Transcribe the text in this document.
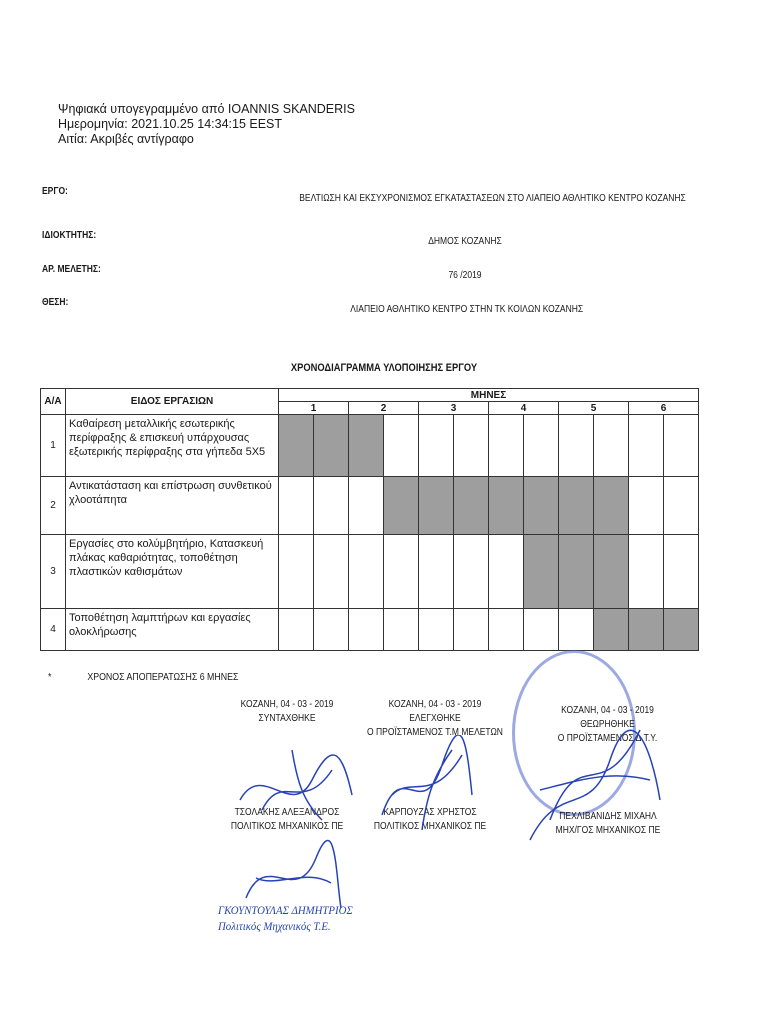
Ψηφιακά υπογεγραμμένο από IOANNIS SKANDERIS
Ημερομηνία: 2021.10.25 14:34:15 EEST
Αιτία: Ακριβές αντίγραφο
ΕΡΓΟ:
ΒΕΛΤΙΩΣΗ ΚΑΙ ΕΚΣΥΧΡΟΝΙΣΜΟΣ ΕΓΚΑΤΑΣΤΑΣΕΩΝ ΣΤΟ ΛΙΑΠΕΙΟ ΑΘΛΗΤΙΚΟ ΚΕΝΤΡΟ ΚΟΖΑΝΗΣ
ΙΔΙΟΚΤΗΤΗΣ:
ΔΗΜΟΣ ΚΟΖΑΝΗΣ
ΑΡ. ΜΕΛΕΤΗΣ:
76 /2019
ΘΕΣΗ:
ΛΙΑΠΕΙΟ ΑΘΛΗΤΙΚΟ ΚΕΝΤΡΟ ΣΤΗΝ ΤΚ ΚΟΙΛΩΝ ΚΟΖΑΝΗΣ
ΧΡΟΝΟΔΙΑΓΡΑΜΜΑ ΥΛΟΠΟΙΗΣΗΣ ΕΡΓΟΥ
Α/Α	ΕΙΔΟΣ ΕΡΓΑΣΙΩΝ	ΜΗΝΕΣ											
		1		2		3		4		5		6	
1	Καθαίρεση μεταλλικής εσωτερικής περίφραξης & επισκευή υπάρχουσας εξωτερικής περίφραξης στα γήπεδα 5Χ5												
2	Αντικατάσταση και επίστρωση συνθετικού χλοοτάπητα												
3	Εργασίες στο κολύμβητήριο, Κατασκευή πλάκας καθαριότητας, τοποθέτηση πλαστικών καθισμάτων												
4	Τοποθέτηση λαμπτήρων και εργασίες ολοκλήρωσης												
*	ΧΡΟΝΟΣ ΑΠΟΠΕΡΑΤΩΣΗΣ 6 ΜΗΝΕΣ
ΚΟΖΑΝΗ, 04 - 03 - 2019
ΣΥΝΤΑΧΘΗΚΕ
ΤΣΟΛΑΚΗΣ ΑΛΕΞΑΝΔΡΟΣ
ΠΟΛΙΤΙΚΟΣ ΜΗΧΑΝΙΚΟΣ ΠΕ
ΚΟΖΑΝΗ, 04 - 03 - 2019
ΕΛΕΓΧΘΗΚΕ
Ο ΠΡΟΪΣΤΑΜΕΝΟΣ Τ.Μ ΜΕΛΕΤΩΝ
ΚΑΡΠΟΥΖΑΣ ΧΡΗΣΤΟΣ
ΠΟΛΙΤΙΚΟΣ ΜΗΧΑΝΙΚΟΣ ΠΕ
ΚΟΖΑΝΗ, 04 - 03 - 2019
ΘΕΩΡΗΘΗΚΕ
Ο ΠΡΟΪΣΤΑΜΕΝΟΣ Δ.Τ.Υ.
ΠΕΧΛΙΒΑΝΙΔΗΣ ΜΙΧΑΗΛ
ΜΗΧ/ΓΟΣ ΜΗΧΑΝΙΚΟΣ ΠΕ
ΓΚΟΥΝΤΟΥΛΑΣ ΔΗΜΗΤΡΙΟΣ
Πολιτικός Μηχανικός Τ.Ε.
